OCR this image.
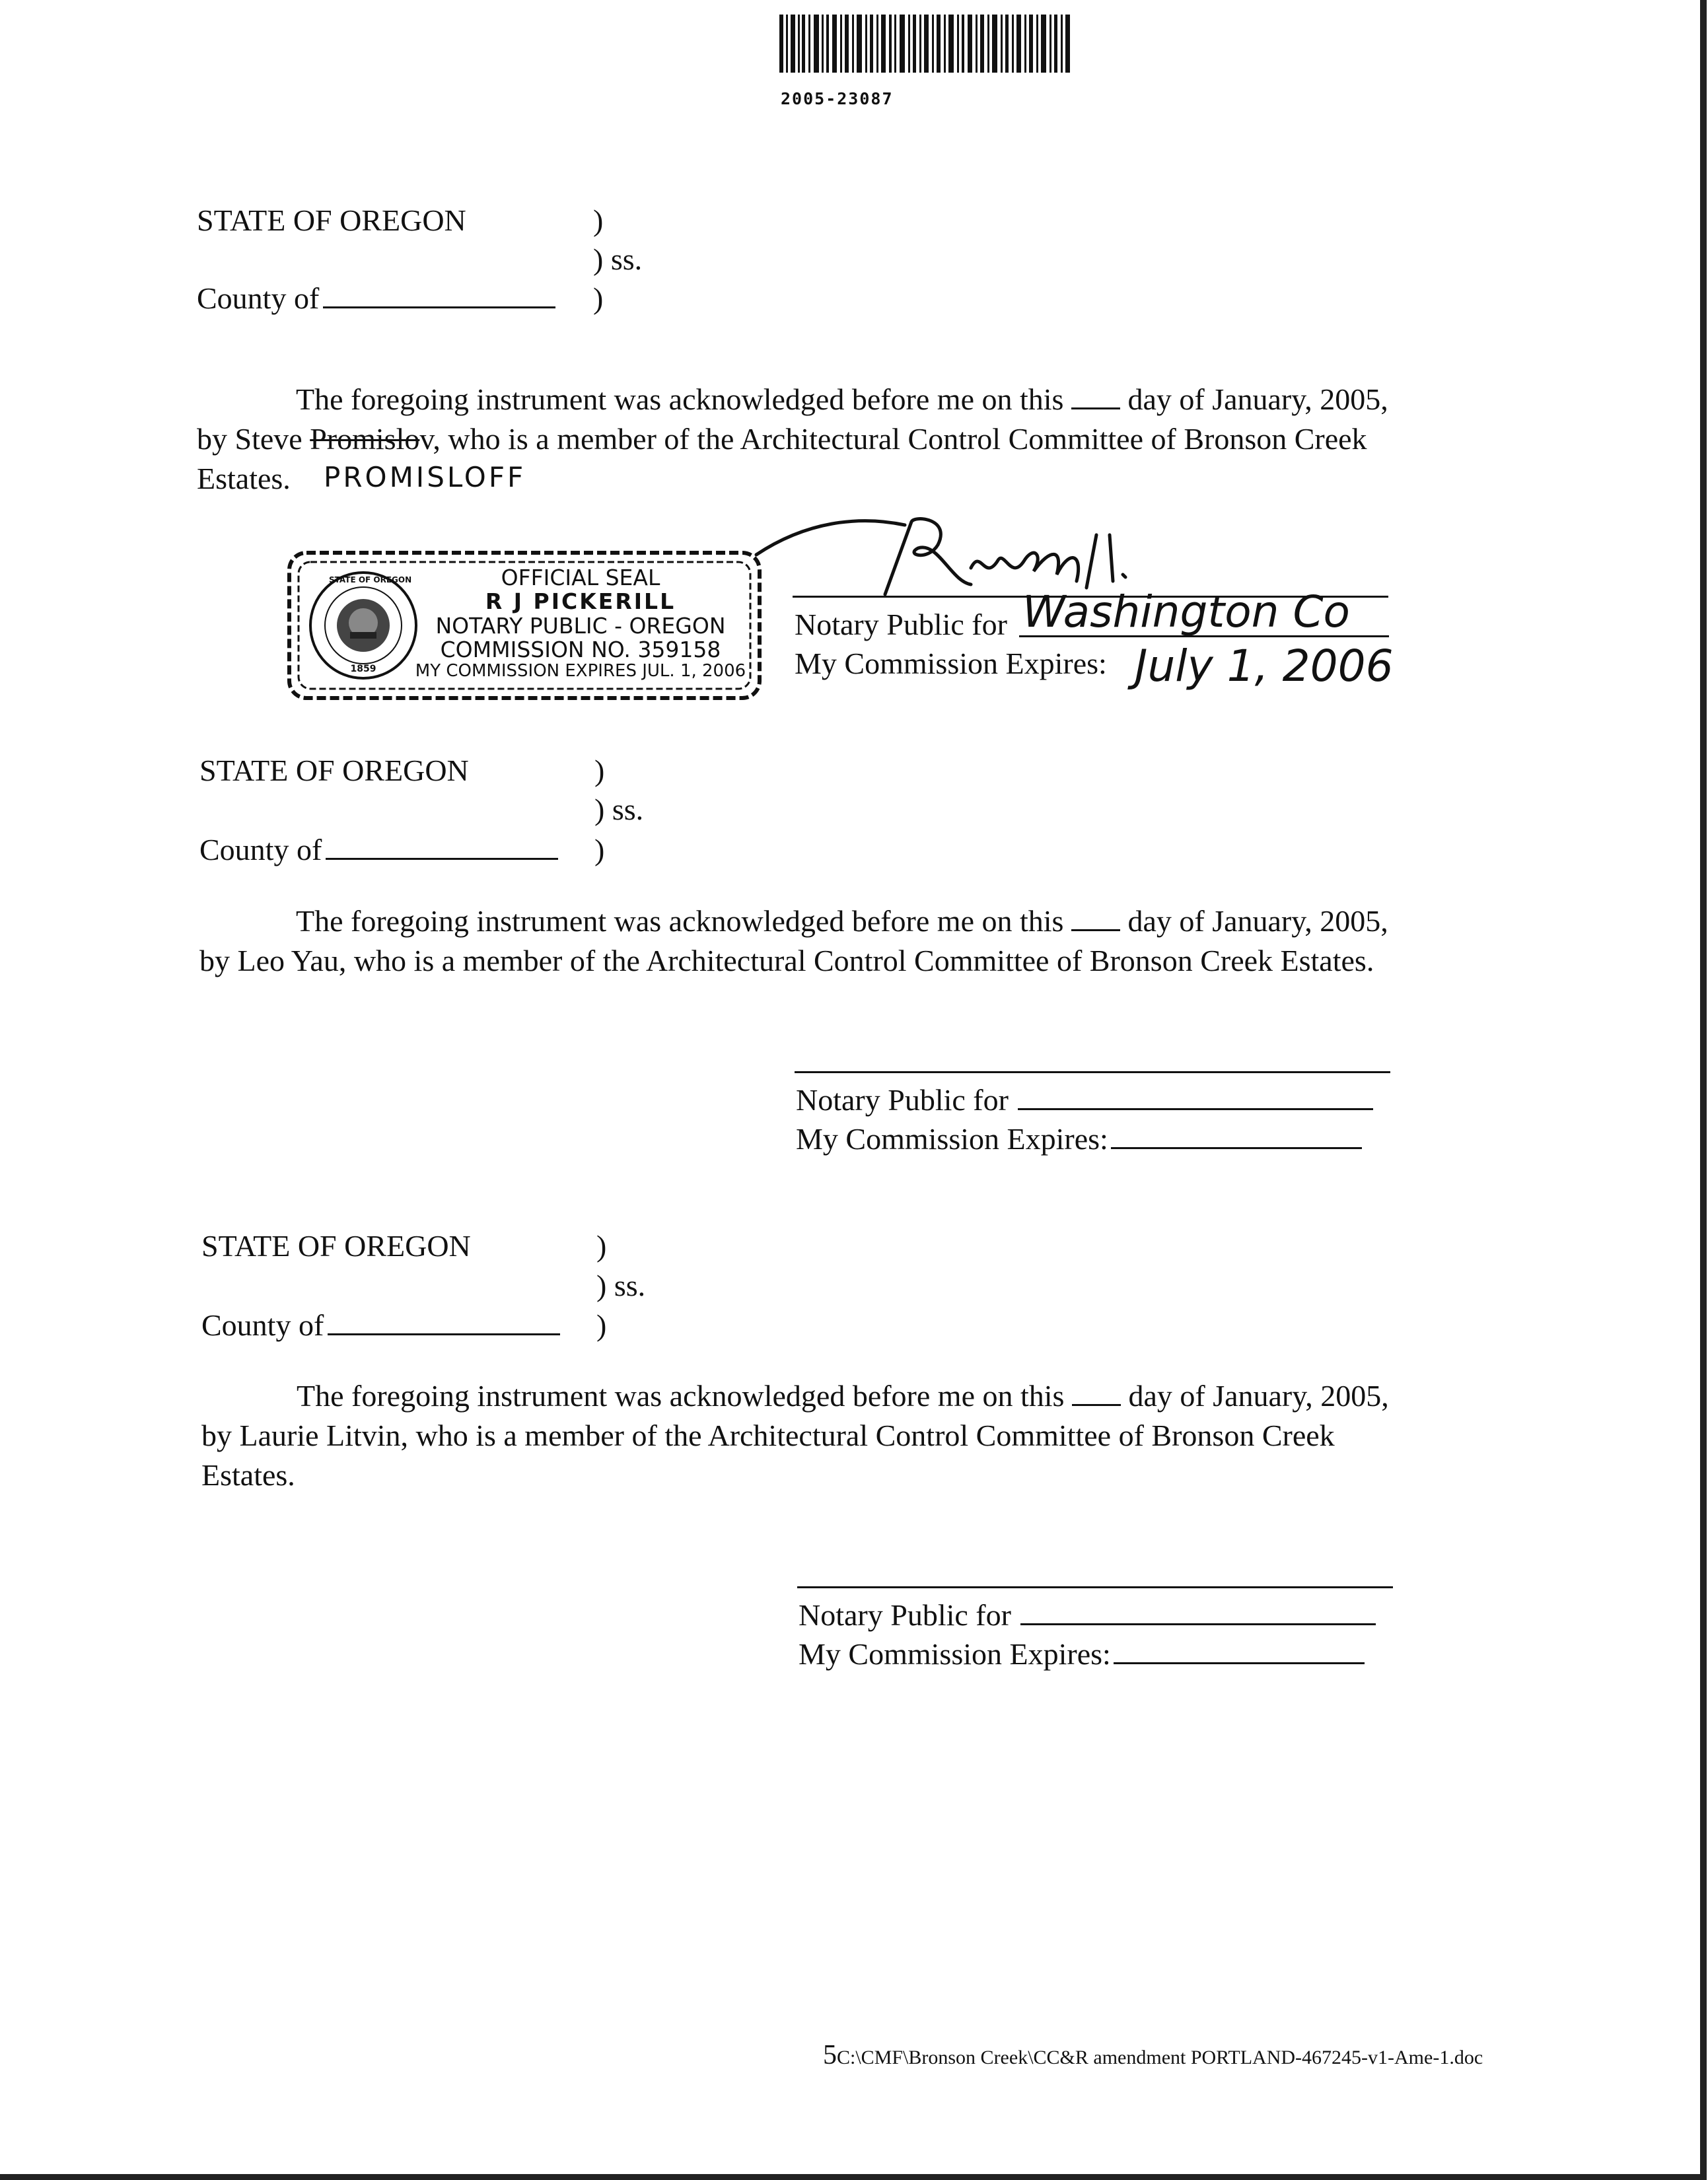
2005-23087
STATE OF OREGON	)
) ss.
County of	)
The foregoing instrument was acknowledged before me on this day of January, 2005,
by Steve Promislov, who is a member of the Architectural Control Committee of Bronson Creek
Estates.	PROMISLOFF
STATE OF OREGON
1859
OFFICIAL SEAL
R J PICKERILL
NOTARY PUBLIC - OREGON
COMMISSION NO. 359158
MY COMMISSION EXPIRES JUL. 1, 2006
Notary Public for Washington Co
My Commission Expires: July 1, 2006
STATE OF OREGON	)
) ss.
County of	)
The foregoing instrument was acknowledged before me on this day of January, 2005,
by Leo Yau, who is a member of the Architectural Control Committee of Bronson Creek Estates.
Notary Public for
My Commission Expires:
STATE OF OREGON	)
) ss.
County of	)
The foregoing instrument was acknowledged before me on this day of January, 2005,
by Laurie Litvin, who is a member of the Architectural Control Committee of Bronson Creek
Estates.
Notary Public for
My Commission Expires:
5C:\CMF\Bronson Creek\CC&R amendment PORTLAND-467245-v1-Ame-1.doc
